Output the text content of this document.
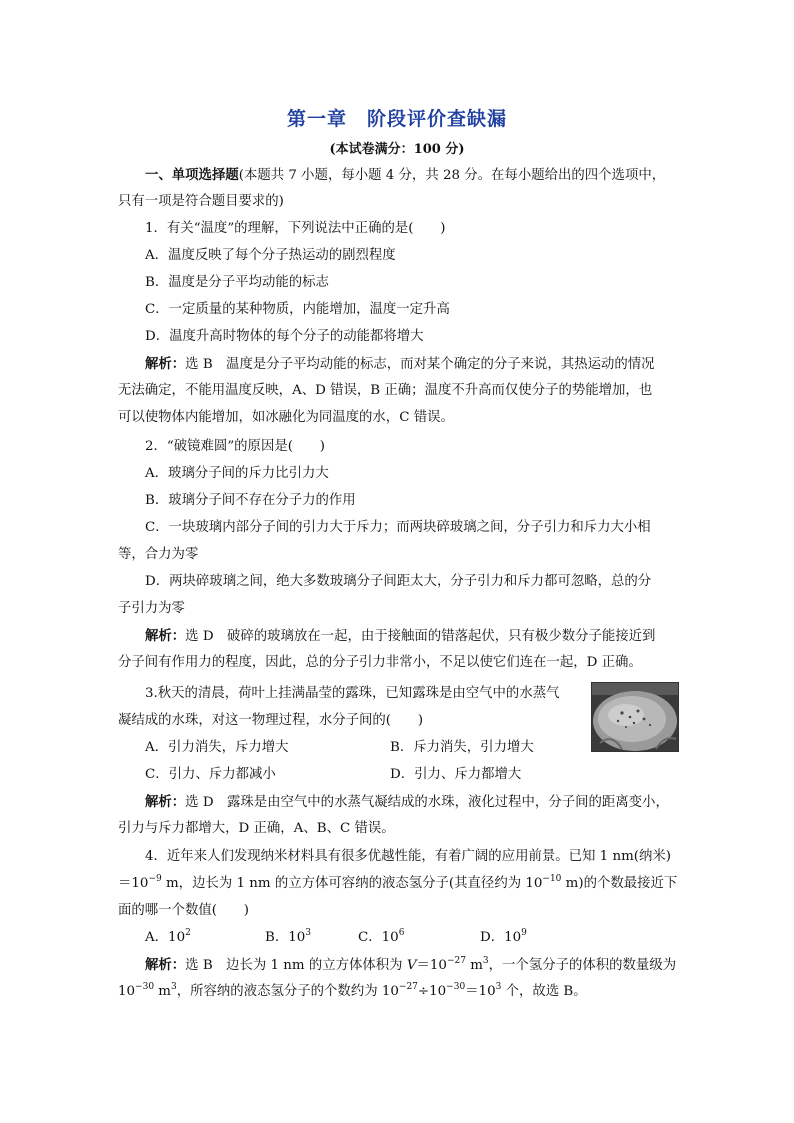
第一章 阶段评价查缺漏
(本试卷满分：100 分)
一、单项选择题(本题共 7 小题，每小题 4 分，共 28 分。在每小题给出的四个选项中，
只有一项是符合题目要求的)
1．有关“温度”的理解，下列说法中正确的是(　　)
A．温度反映了每个分子热运动的剧烈程度
B．温度是分子平均动能的标志
C．一定质量的某种物质，内能增加，温度一定升高
D．温度升高时物体的每个分子的动能都将增大
解析：选 B　温度是分子平均动能的标志，而对某个确定的分子来说，其热运动的情况
无法确定，不能用温度反映，A、D 错误，B 正确；温度不升高而仅使分子的势能增加，也
可以使物体内能增加，如冰融化为同温度的水，C 错误。
2．“破镜难圆”的原因是(　　)
A．玻璃分子间的斥力比引力大
B．玻璃分子间不存在分子力的作用
C．一块玻璃内部分子间的引力大于斥力；而两块碎玻璃之间，分子引力和斥力大小相
等，合力为零
D．两块碎玻璃之间，绝大多数玻璃分子间距太大，分子引力和斥力都可忽略，总的分
子引力为零
解析：选 D　破碎的玻璃放在一起，由于接触面的错落起伏，只有极少数分子能接近到
分子间有作用力的程度，因此，总的分子引力非常小，不足以使它们连在一起，D 正确。
3.秋天的清晨，荷叶上挂满晶莹的露珠，已知露珠是由空气中的水蒸气
凝结成的水珠，对这一物理过程，水分子间的(　　)
A．引力消失，斥力增大	B．斥力消失，引力增大
C．引力、斥力都减小	D．引力、斥力都增大
解析：选 D　露珠是由空气中的水蒸气凝结成的水珠，液化过程中，分子间的距离变小，
引力与斥力都增大，D 正确，A、B、C 错误。
4．近年来人们发现纳米材料具有很多优越性能，有着广阔的应用前景。已知 1 nm(纳米)
$=10^{-9}$ m，边长为 1 nm 的立方体可容纳的液态氢分子(其直径约为 $10^{-10}$ m)的个数最接近下
面的哪一个数值(　　)
A．$10^2$	B．$10^3$	C．$10^6$	D．$10^9$
解析：选 B　边长为 1 nm 的立方体体积为 $V=10^{-27}$ $m^3$，一个氢分子的体积的数量级为
$10^{-30}$ $m^3$，所容纳的液态氢分子的个数约为 $10^{-27}\div 10^{-30}=10^3$ 个，故选 B。
